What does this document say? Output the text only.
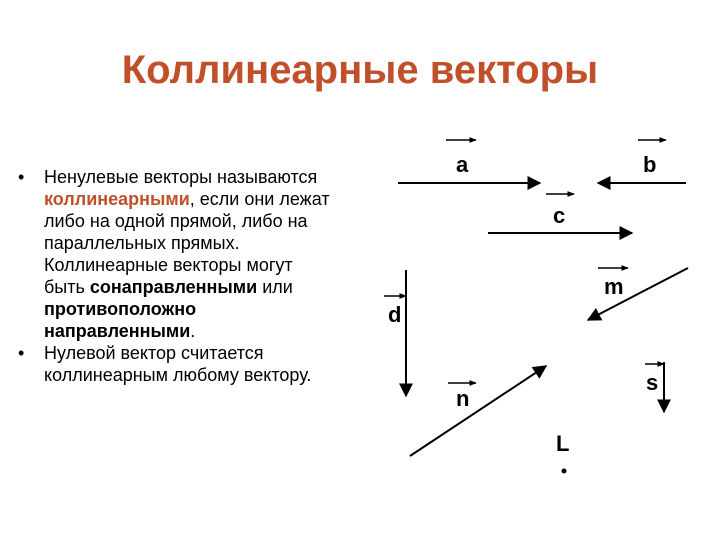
Коллинеарные векторы
• Ненулевые векторы называются коллинеарными, если они лежат либо на одной прямой, либо на параллельных прямых. Коллинеарные векторы могут быть сонаправленными или противоположно направленными.
• Нулевой вектор считается коллинеарным любому вектору.
a	b
c
m
d
s
n
L
